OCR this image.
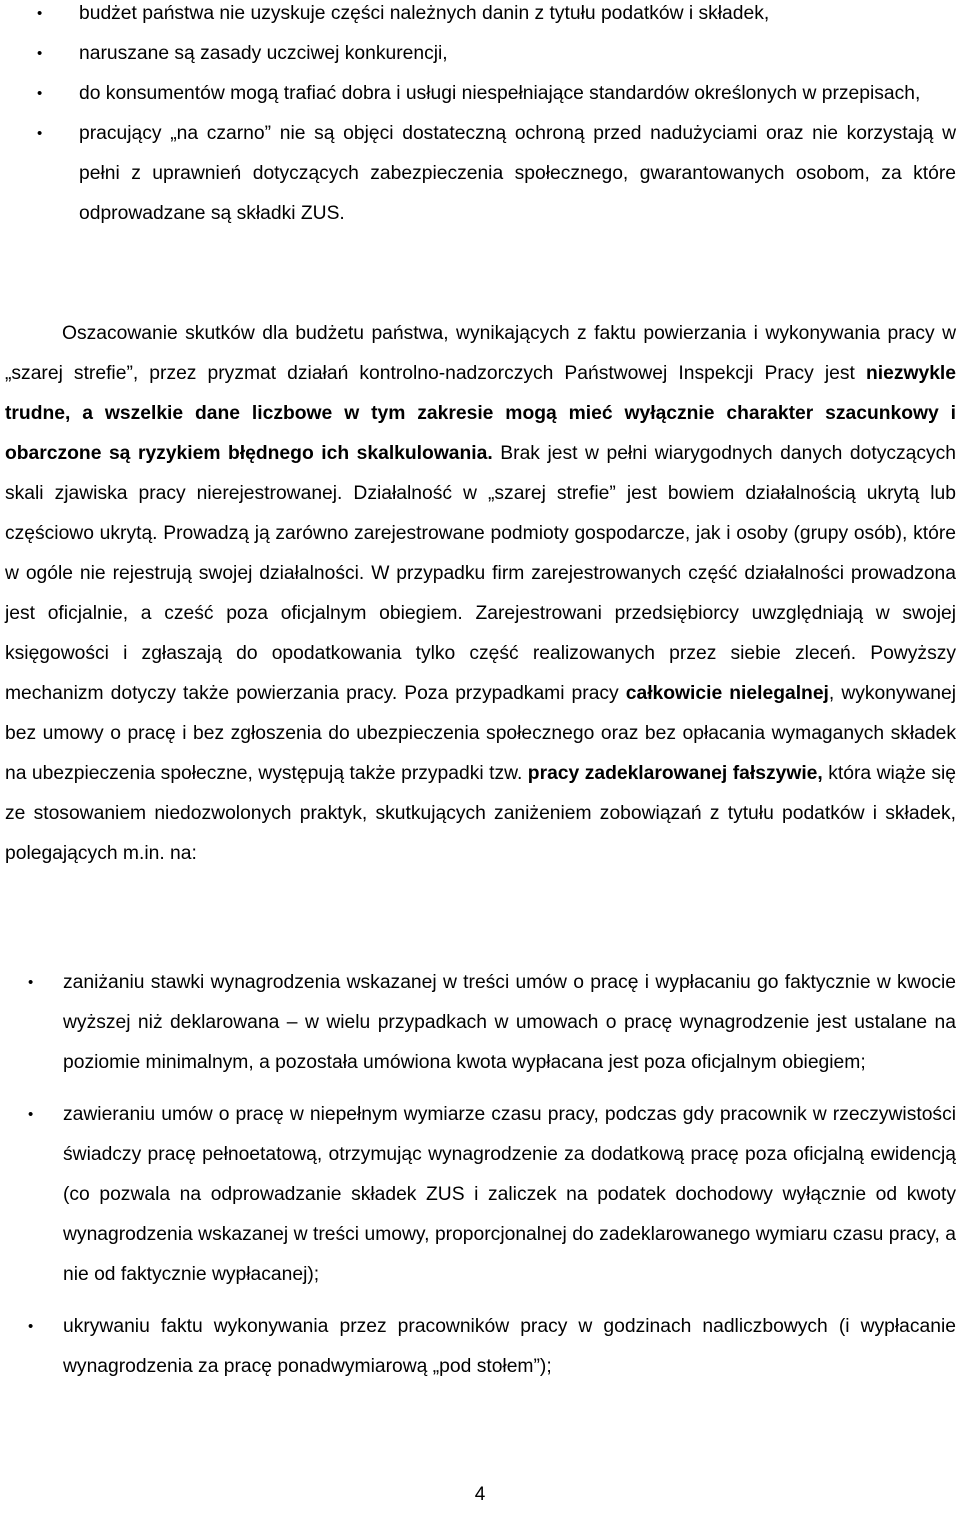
• budżet państwa nie uzyskuje części należnych danin z tytułu podatków i składek,
• naruszane są zasady uczciwej konkurencji,
• do konsumentów mogą trafiać dobra i usługi niespełniające standardów określonych w przepisach,
• pracujący „na czarno” nie są objęci dostateczną ochroną przed nadużyciami oraz nie korzystają w pełni z uprawnień dotyczących zabezpieczenia społecznego, gwarantowanych osobom, za które odprowadzane są składki ZUS.

Oszacowanie skutków dla budżetu państwa, wynikających z faktu powierzania i wykonywania pracy w „szarej strefie”, przez pryzmat działań kontrolno-nadzorczych Państwowej Inspekcji Pracy jest niezwykle trudne, a wszelkie dane liczbowe w tym zakresie mogą mieć wyłącznie charakter szacunkowy i obarczone są ryzykiem błędnego ich skalkulowania. Brak jest w pełni wiarygodnych danych dotyczących skali zjawiska pracy nierejestrowanej. Działalność w „szarej strefie” jest bowiem działalnością ukrytą lub częściowo ukrytą. Prowadzą ją zarówno zarejestrowane podmioty gospodarcze, jak i osoby (grupy osób), które w ogóle nie rejestrują swojej działalności. W przypadku firm zarejestrowanych część działalności prowadzona jest oficjalnie, a cześć poza oficjalnym obiegiem. Zarejestrowani przedsiębiorcy uwzględniają w swojej księgowości i zgłaszają do opodatkowania tylko część realizowanych przez siebie zleceń. Powyższy mechanizm dotyczy także powierzania pracy. Poza przypadkami pracy całkowicie nielegalnej, wykonywanej bez umowy o pracę i bez zgłoszenia do ubezpieczenia społecznego oraz bez opłacania wymaganych składek na ubezpieczenia społeczne, występują także przypadki tzw. pracy zadeklarowanej fałszywie, która wiąże się ze stosowaniem niedozwolonych praktyk, skutkujących zaniżeniem zobowiązań z tytułu podatków i składek, polegających m.in. na:

• zaniżaniu stawki wynagrodzenia wskazanej w treści umów o pracę i wypłacaniu go faktycznie w kwocie wyższej niż deklarowana – w wielu przypadkach w umowach o pracę wynagrodzenie jest ustalane na poziomie minimalnym, a pozostała umówiona kwota wypłacana jest poza oficjalnym obiegiem;
• zawieraniu umów o pracę w niepełnym wymiarze czasu pracy, podczas gdy pracownik w rzeczywistości świadczy pracę pełnoetatową, otrzymując wynagrodzenie za dodatkową pracę poza oficjalną ewidencją (co pozwala na odprowadzanie składek ZUS i zaliczek na podatek dochodowy wyłącznie od kwoty wynagrodzenia wskazanej w treści umowy, proporcjonalnej do zadeklarowanego wymiaru czasu pracy, a nie od faktycznie wypłacanej);
• ukrywaniu faktu wykonywania przez pracowników pracy w godzinach nadliczbowych (i wypłacanie wynagrodzenia za pracę ponadwymiarową „pod stołem”);
4
